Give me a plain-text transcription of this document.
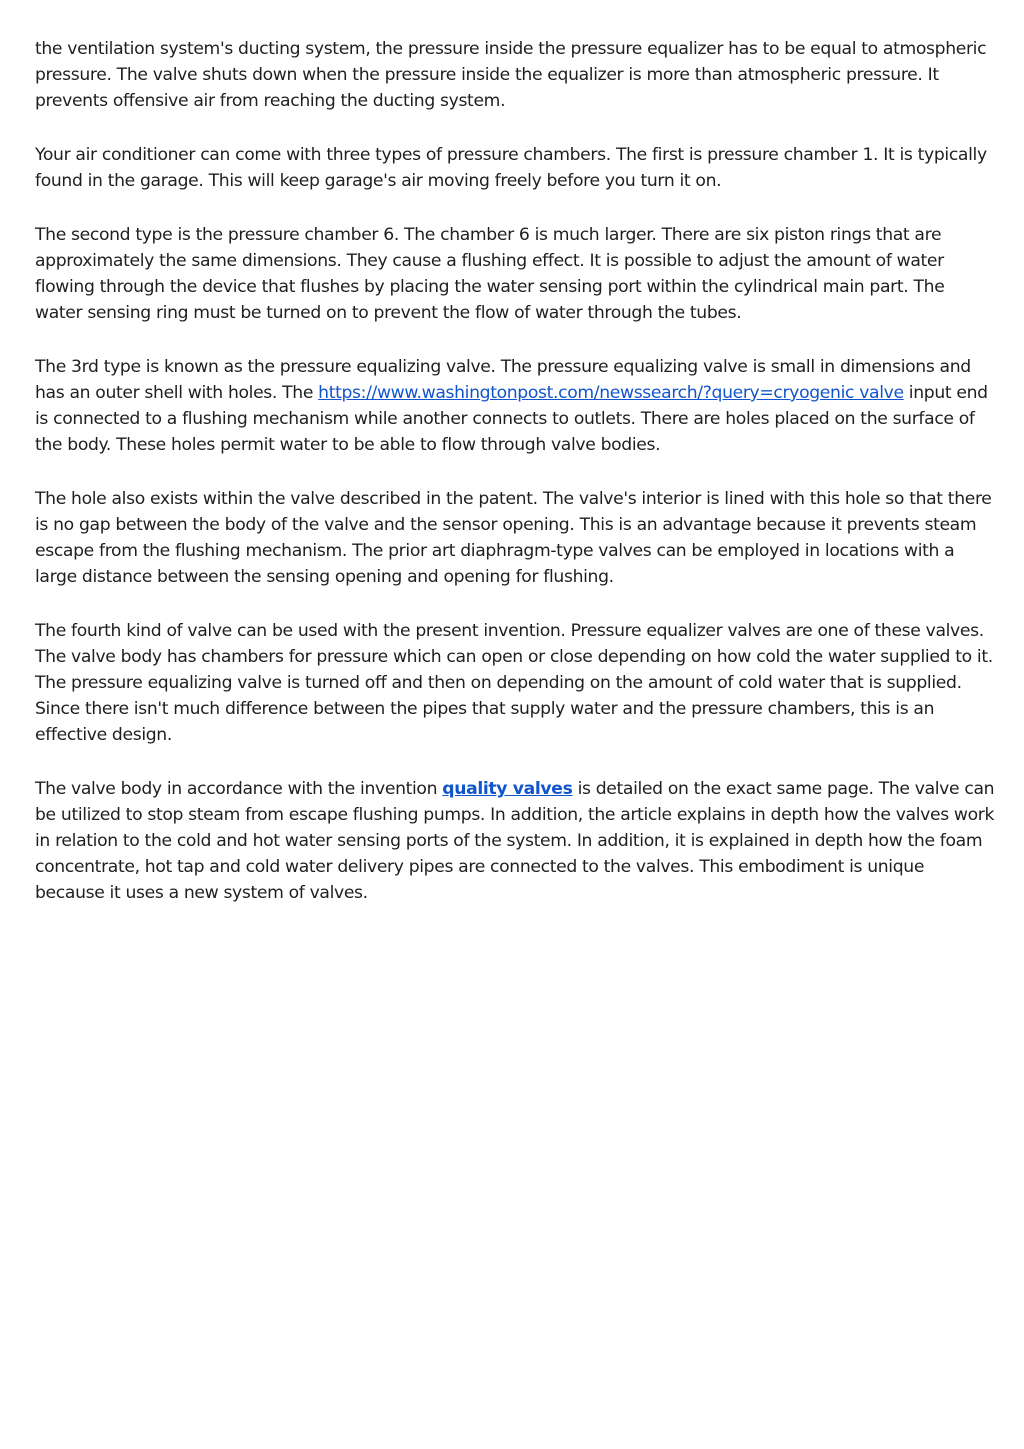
the ventilation system's ducting system, the pressure inside the pressure equalizer has to be equal to atmospheric pressure. The valve shuts down when the pressure inside the equalizer is more than atmospheric pressure. It prevents offensive air from reaching the ducting system.

Your air conditioner can come with three types of pressure chambers. The first is pressure chamber 1. It is typically found in the garage. This will keep garage's air moving freely before you turn it on.

The second type is the pressure chamber 6. The chamber 6 is much larger. There are six piston rings that are approximately the same dimensions. They cause a flushing effect. It is possible to adjust the amount of water flowing through the device that flushes by placing the water sensing port within the cylindrical main part. The water sensing ring must be turned on to prevent the flow of water through the tubes.

The 3rd type is known as the pressure equalizing valve. The pressure equalizing valve is small in dimensions and has an outer shell with holes. The https://www.washingtonpost.com/newssearch/?query=cryogenic valve input end is connected to a flushing mechanism while another connects to outlets. There are holes placed on the surface of the body. These holes permit water to be able to flow through valve bodies.

The hole also exists within the valve described in the patent. The valve's interior is lined with this hole so that there is no gap between the body of the valve and the sensor opening. This is an advantage because it prevents steam escape from the flushing mechanism. The prior art diaphragm-type valves can be employed in locations with a large distance between the sensing opening and opening for flushing.

The fourth kind of valve can be used with the present invention. Pressure equalizer valves are one of these valves. The valve body has chambers for pressure which can open or close depending on how cold the water supplied to it. The pressure equalizing valve is turned off and then on depending on the amount of cold water that is supplied. Since there isn't much difference between the pipes that supply water and the pressure chambers, this is an effective design.

The valve body in accordance with the invention quality valves is detailed on the exact same page. The valve can be utilized to stop steam from escape flushing pumps. In addition, the article explains in depth how the valves work in relation to the cold and hot water sensing ports of the system. In addition, it is explained in depth how the foam concentrate, hot tap and cold water delivery pipes are connected to the valves. This embodiment is unique because it uses a new system of valves.
